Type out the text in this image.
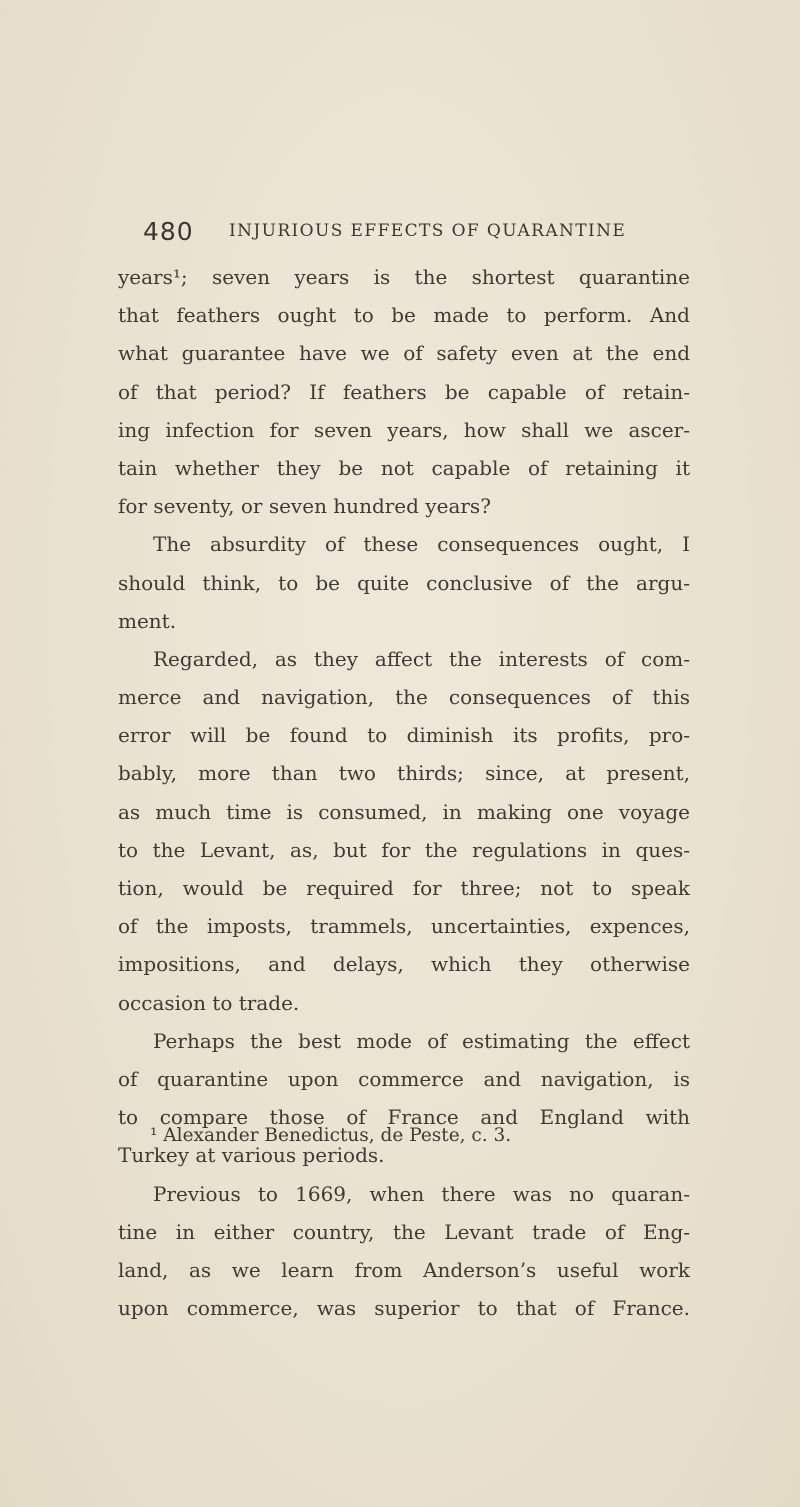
480 INJURIOUS EFFECTS OF QUARANTINE
years¹; seven years is the shortest quarantine
that feathers ought to be made to perform. And
what guarantee have we of safety even at the end
of that period? If feathers be capable of retain-
ing infection for seven years, how shall we ascer-
tain whether they be not capable of retaining it
for seventy, or seven hundred years?
The absurdity of these consequences ought, I
should think, to be quite conclusive of the argu-
ment.
Regarded, as they affect the interests of com-
merce and navigation, the consequences of this
error will be found to diminish its profits, pro-
bably, more than two thirds; since, at present,
as much time is consumed, in making one voyage
to the Levant, as, but for the regulations in ques-
tion, would be required for three; not to speak
of the imposts, trammels, uncertainties, expences,
impositions, and delays, which they otherwise
occasion to trade.
Perhaps the best mode of estimating the effect
of quarantine upon commerce and navigation, is
to compare those of France and England with
Turkey at various periods.
Previous to 1669, when there was no quaran-
tine in either country, the Levant trade of Eng-
land, as we learn from Anderson’s useful work
upon commerce, was superior to that of France.
¹ Alexander Benedictus, de Peste, c. 3.
